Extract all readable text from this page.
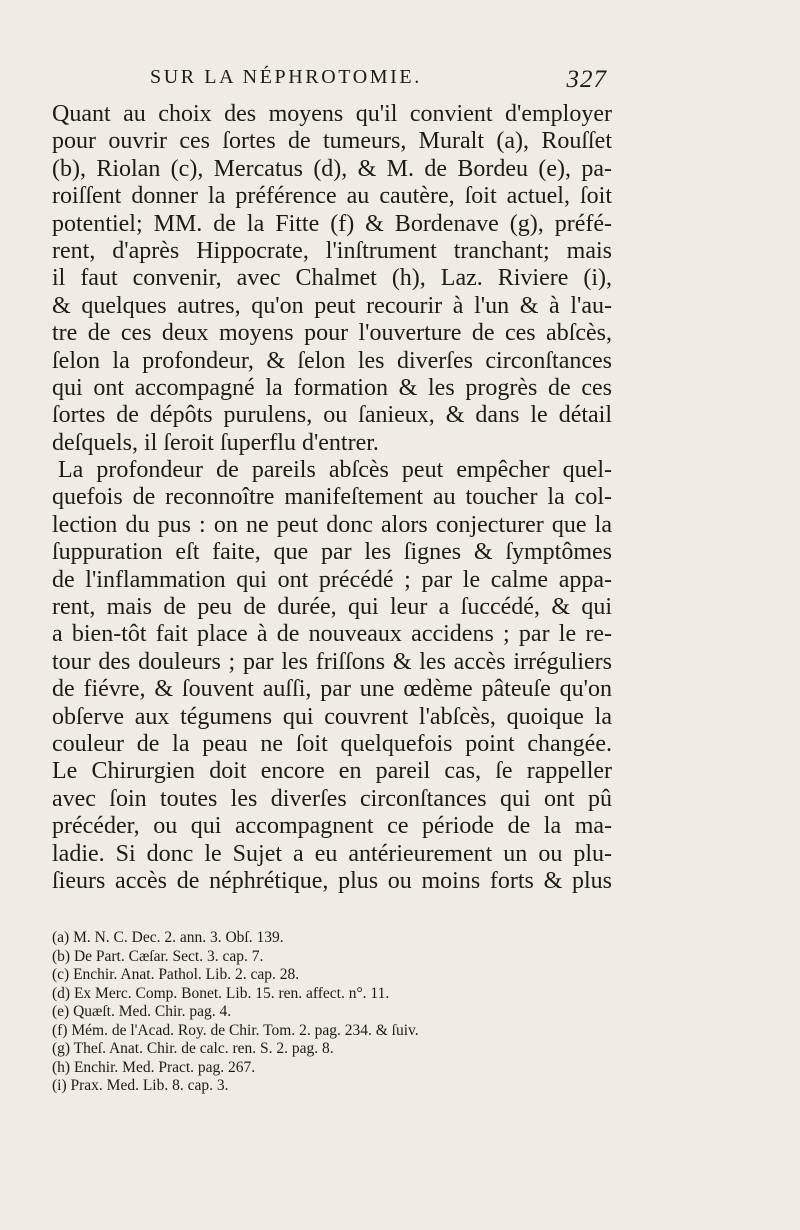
SUR LA NÉPHROTOMIE.	327
Quant au choix des moyens qu'il convient d'employer
pour ouvrir ces ſortes de tumeurs, Muralt (a), Rouſſet
(b), Riolan (c), Mercatus (d), & M. de Bordeu (e), pa-
roiſſent donner la préférence au cautère, ſoit actuel, ſoit
potentiel; MM. de la Fitte (f) & Bordenave (g), préfé-
rent, d'après Hippocrate, l'inſtrument tranchant; mais
il faut convenir, avec Chalmet (h), Laz. Riviere (i),
& quelques autres, qu'on peut recourir à l'un & à l'au-
tre de ces deux moyens pour l'ouverture de ces abſcès,
ſelon la profondeur, & ſelon les diverſes circonſtances
qui ont accompagné la formation & les progrès de ces
ſortes de dépôts purulens, ou ſanieux, & dans le détail
deſquels, il ſeroit ſuperflu d'entrer.
La profondeur de pareils abſcès peut empêcher quel-
quefois de reconnoître manifeſtement au toucher la col-
lection du pus : on ne peut donc alors conjecturer que la
ſuppuration eſt faite, que par les ſignes & ſymptômes
de l'inflammation qui ont précédé ; par le calme appa-
rent, mais de peu de durée, qui leur a ſuccédé, & qui
a bien-tôt fait place à de nouveaux accidens ; par le re-
tour des douleurs ; par les friſſons & les accès irréguliers
de fiévre, & ſouvent auſſi, par une œdème pâteuſe qu'on
obſerve aux tégumens qui couvrent l'abſcès, quoique la
couleur de la peau ne ſoit quelquefois point changée.
Le Chirurgien doit encore en pareil cas, ſe rappeller
avec ſoin toutes les diverſes circonſtances qui ont pû
précéder, ou qui accompagnent ce période de la ma-
ladie. Si donc le Sujet a eu antérieurement un ou plu-
ſieurs accès de néphrétique, plus ou moins forts & plus
(a) M. N. C. Dec. 2. ann. 3. Obſ. 139.
(b) De Part. Cæſar. Sect. 3. cap. 7.
(c) Enchir. Anat. Pathol. Lib. 2. cap. 28.
(d) Ex Merc. Comp. Bonet. Lib. 15. ren. affect. n°. 11.
(e) Quæſt. Med. Chir. pag. 4.
(f) Mém. de l'Acad. Roy. de Chir. Tom. 2. pag. 234. & ſuiv.
(g) Theſ. Anat. Chir. de calc. ren. S. 2. pag. 8.
(h) Enchir. Med. Pract. pag. 267.
(i) Prax. Med. Lib. 8. cap. 3.
